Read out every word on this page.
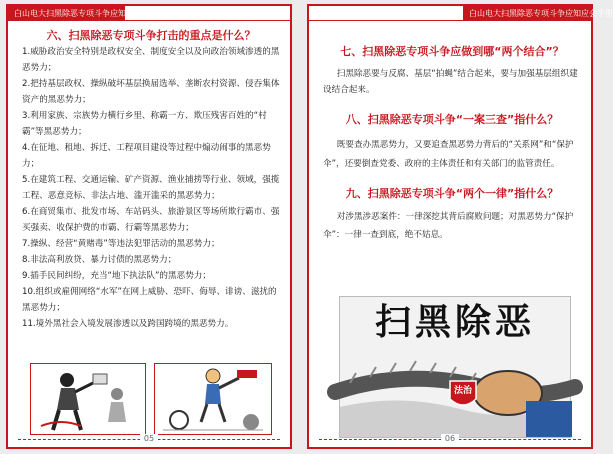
白山电大扫黑除恶专项斗争应知应会手册
六、扫黑除恶专项斗争打击的重点是什么？
1.威胁政治安全特别是政权安全、制度安全以及向政治领域渗透的黑恶势力；
2.把持基层政权、操纵破坏基层换届选举、垄断农村资源、侵吞集体资产的黑恶势力；
3.利用家族、宗族势力横行乡里、称霸一方、欺压残害百姓的“村霸”等黑恶势力；
4.在征地、租地、拆迁、工程项目建设等过程中煽动闹事的黑恶势力；
5.在建筑工程、交通运输、矿产资源、渔业捕捞等行业、领域，强揽工程、恶意竞标、非法占地、滥开滥采的黑恶势力；
6.在商贸集市、批发市场、车站码头、旅游景区等场所欺行霸市、强买强卖、收保护费的市霸、行霸等黑恶势力；
7.操纵、经营“黄赌毒”等违法犯罪活动的黑恶势力；
8.非法高利放贷、暴力讨债的黑恶势力；
9.插手民间纠纷，充当“地下执法队”的黑恶势力；
10.组织或雇佣网络“水军”在网上威胁、恐吓、侮辱、诽谤、滋扰的黑恶势力；
11.境外黑社会入境发展渗透以及跨国跨境的黑恶势力。
05
白山电大扫黑除恶专项斗争应知应会手册
七、扫黑除恶专项斗争应做到哪“两个结合”？
扫黑除恶要与反腐、基层“拍蝇”结合起来，要与加强基层组织建设结合起来。
八、扫黑除恶专项斗争“一案三查”指什么？
既要查办黑恶势力，又要追查黑恶势力背后的“关系网”和“保护伞”，还要倒查党委、政府的主体责任和有关部门的监管责任。
九、扫黑除恶专项斗争“两个一律”指什么？
对涉黑涉恶案件：一律深挖其背后腐败问题；对黑恶势力“保护伞”：一律一查到底，绝不姑息。
扫黑除恶
法治
06
